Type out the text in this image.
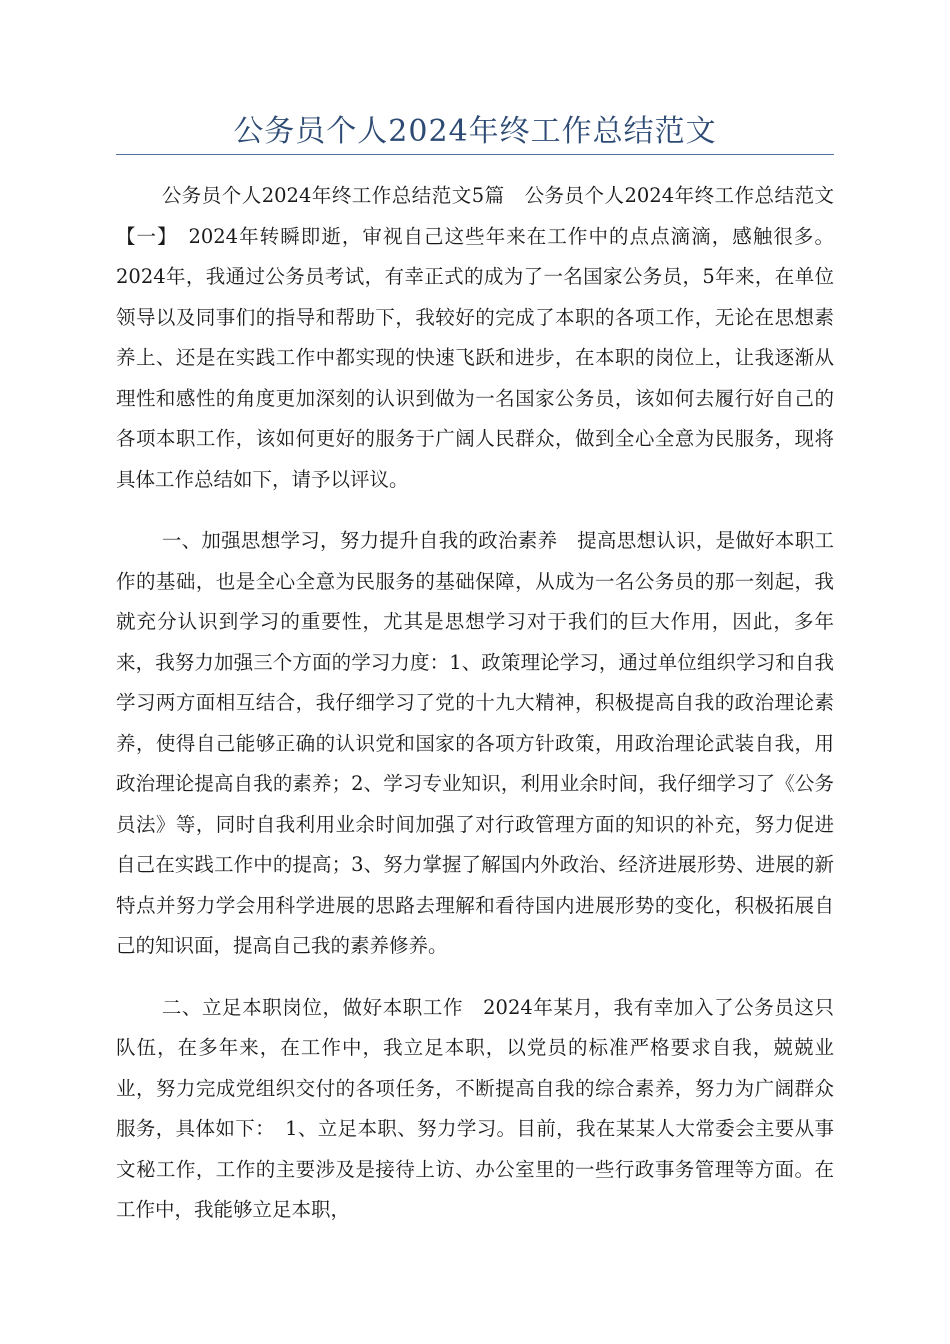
公务员个人2024年终工作总结范文

公务员个人2024年终工作总结范文5篇　公务员个人2024年终工作总结范文【一】　2024年转瞬即逝，审视自己这些年来在工作中的点点滴滴，感触很多。2024年，我通过公务员考试，有幸正式的成为了一名国家公务员，5年来，在单位领导以及同事们的指导和帮助下，我较好的完成了本职的各项工作，无论在思想素养上、还是在实践工作中都实现的快速飞跃和进步，在本职的岗位上，让我逐渐从理性和感性的角度更加深刻的认识到做为一名国家公务员，该如何去履行好自己的各项本职工作，该如何更好的服务于广阔人民群众，做到全心全意为民服务，现将具体工作总结如下，请予以评议。

一、加强思想学习，努力提升自我的政治素养　提高思想认识，是做好本职工作的基础，也是全心全意为民服务的基础保障，从成为一名公务员的那一刻起，我就充分认识到学习的重要性，尤其是思想学习对于我们的巨大作用，因此，多年来，我努力加强三个方面的学习力度：1、政策理论学习，通过单位组织学习和自我学习两方面相互结合，我仔细学习了党的十九大精神，积极提高自我的政治理论素养，使得自己能够正确的认识党和国家的各项方针政策，用政治理论武装自我，用政治理论提高自我的素养；2、学习专业知识，利用业余时间，我仔细学习了《公务员法》等，同时自我利用业余时间加强了对行政管理方面的知识的补充，努力促进自己在实践工作中的提高；3、努力掌握了解国内外政治、经济进展形势、进展的新特点并努力学会用科学进展的思路去理解和看待国内进展形势的变化，积极拓展自己的知识面，提高自己我的素养修养。

二、立足本职岗位，做好本职工作　2024年某月，我有幸加入了公务员这只队伍，在多年来，在工作中，我立足本职，以党员的标准严格要求自我，兢兢业业，努力完成党组织交付的各项任务，不断提高自我的综合素养，努力为广阔群众服务，具体如下：　1、立足本职、努力学习。目前，我在某某人大常委会主要从事文秘工作，工作的主要涉及是接待上访、办公室里的一些行政事务管理等方面。在工作中，我能够立足本职，
